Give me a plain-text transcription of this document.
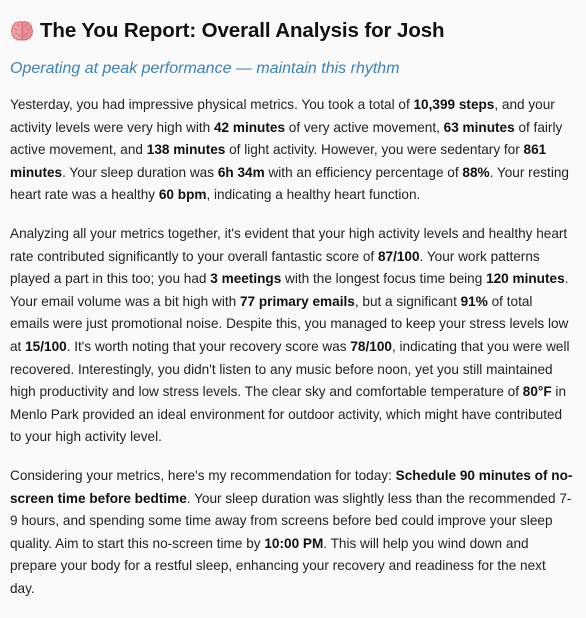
The You Report: Overall Analysis for Josh
Operating at peak performance — maintain this rhythm

Yesterday, you had impressive physical metrics. You took a total of 10,399 steps, and your activity levels were very high with 42 minutes of very active movement, 63 minutes of fairly active movement, and 138 minutes of light activity. However, you were sedentary for 861 minutes. Your sleep duration was 6h 34m with an efficiency percentage of 88%. Your resting heart rate was a healthy 60 bpm, indicating a healthy heart function.

Analyzing all your metrics together, it's evident that your high activity levels and healthy heart rate contributed significantly to your overall fantastic score of 87/100. Your work patterns played a part in this too; you had 3 meetings with the longest focus time being 120 minutes. Your email volume was a bit high with 77 primary emails, but a significant 91% of total emails were just promotional noise. Despite this, you managed to keep your stress levels low at 15/100. It's worth noting that your recovery score was 78/100, indicating that you were well recovered. Interestingly, you didn't listen to any music before noon, yet you still maintained high productivity and low stress levels. The clear sky and comfortable temperature of 80°F in Menlo Park provided an ideal environment for outdoor activity, which might have contributed to your high activity level.

Considering your metrics, here's my recommendation for today: Schedule 90 minutes of no-screen time before bedtime. Your sleep duration was slightly less than the recommended 7-9 hours, and spending some time away from screens before bed could improve your sleep quality. Aim to start this no-screen time by 10:00 PM. This will help you wind down and prepare your body for a restful sleep, enhancing your recovery and readiness for the next day.
